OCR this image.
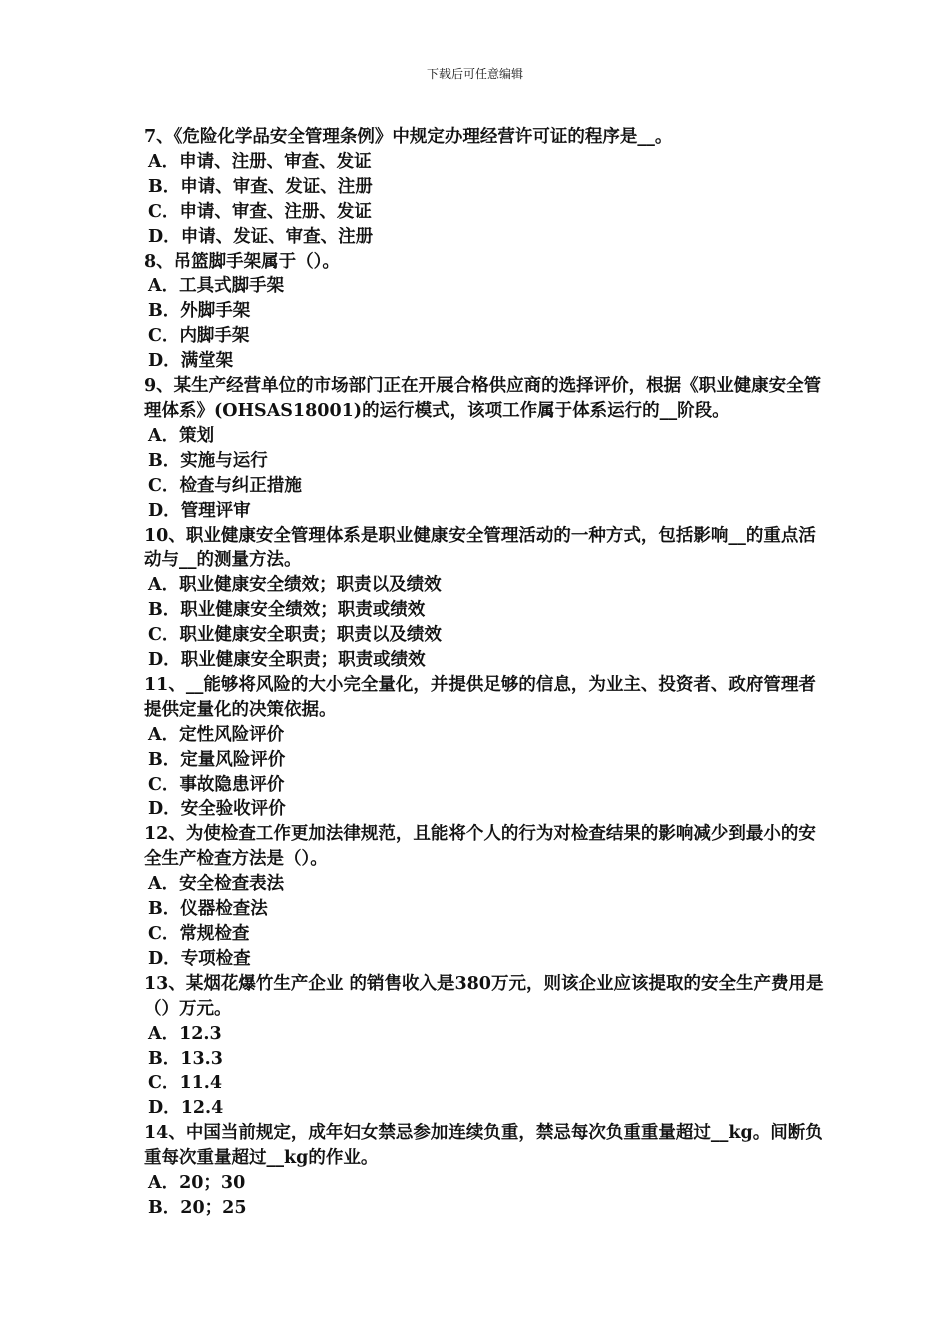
下载后可任意编辑
7、《危险化学品安全管理条例》中规定办理经营许可证的程序是__。
A．申请、注册、审查、发证
B．申请、审查、发证、注册
C．申请、审查、注册、发证
D．申请、发证、审查、注册
8、吊篮脚手架属于（）。
A．工具式脚手架
B．外脚手架
C．内脚手架
D．满堂架
9、某生产经营单位的市场部门正在开展合格供应商的选择评价，根据《职业健康安全管理体系》(OHSAS18001)的运行模式，该项工作属于体系运行的__阶段。
A．策划
B．实施与运行
C．检查与纠正措施
D．管理评审
10、职业健康安全管理体系是职业健康安全管理活动的一种方式，包括影响__的重点活动与__的测量方法。
A．职业健康安全绩效；职责以及绩效
B．职业健康安全绩效；职责或绩效
C．职业健康安全职责；职责以及绩效
D．职业健康安全职责；职责或绩效
11、__能够将风险的大小完全量化，并提供足够的信息，为业主、投资者、政府管理者提供定量化的决策依据。
A．定性风险评价
B．定量风险评价
C．事故隐患评价
D．安全验收评价
12、为使检查工作更加法律规范，且能将个人的行为对检查结果的影响减少到最小的安全生产检查方法是（）。
A．安全检查表法
B．仪器检查法
C．常规检查
D．专项检查
13、某烟花爆竹生产企业 的销售收入是380万元，则该企业应该提取的安全生产费用是（）万元。
A．12.3
B．13.3
C．11.4
D．12.4
14、中国当前规定，成年妇女禁忌参加连续负重，禁忌每次负重重量超过__kg。间断负重每次重量超过__kg的作业。
A．20；30
B．20；25
